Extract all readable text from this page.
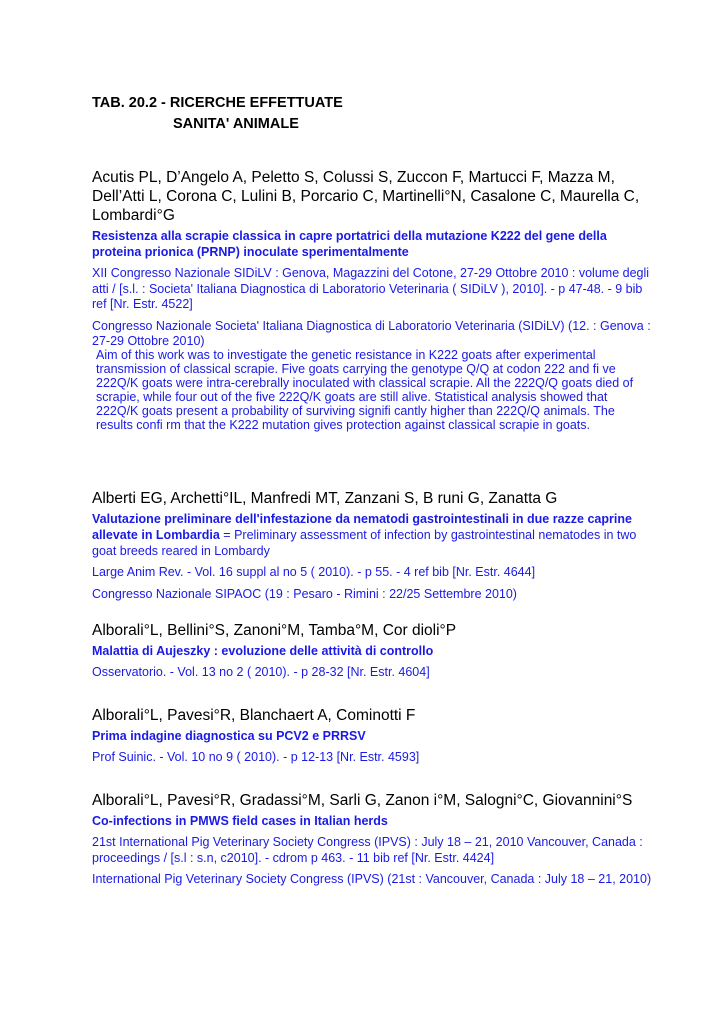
TAB. 20.2 - RICERCHE EFFETTUATE
SANITA' ANIMALE
Acutis PL, D’Angelo A, Peletto S, Colussi S, Zuccon F, Martucci F, Mazza M, Dell’Atti L, Corona C, Lulini B, Porcario C, Martinelli°N, Casalone C, Maurella C, Lombardi°G
Resistenza alla scrapie classica in capre portatrici della mutazione K222 del gene della proteina prionica (PRNP) inoculate sperimentalmente
XII Congresso Nazionale SIDiLV : Genova, Magazzini del Cotone, 27-29 Ottobre 2010 : volume degli atti / [s.l. : Societa' Italiana Diagnostica di Laboratorio Veterinaria ( SIDiLV ), 2010]. - p 47-48. - 9 bib ref [Nr. Estr. 4522]
Congresso Nazionale Societa' Italiana Diagnostica di Laboratorio Veterinaria (SIDiLV) (12. : Genova : 27-29 Ottobre 2010)
Aim of this work was to investigate the genetic resistance in K222 goats after experimental transmission of classical scrapie. Five goats carrying the genotype Q/Q at codon 222 and fi ve 222Q/K goats were intra-cerebrally inoculated with classical scrapie. All the 222Q/Q goats died of scrapie, while four out of the five 222Q/K goats are still alive. Statistical analysis showed that 222Q/K goats present a probability of surviving signifi cantly higher than 222Q/Q animals. The results confi rm that the K222 mutation gives protection against classical scrapie in goats.
Alberti EG, Archetti°IL, Manfredi MT, Zanzani S, B runi G, Zanatta G
Valutazione preliminare dell'infestazione da nematodi gastrointestinali in due razze caprine allevate in Lombardia = Preliminary assessment of infection by gastrointestinal nematodes in two goat breeds reared in Lombardy
Large Anim Rev. - Vol. 16 suppl al no 5 ( 2010). - p 55. - 4 ref bib [Nr. Estr. 4644]
Congresso Nazionale SIPAOC (19 : Pesaro - Rimini : 22/25 Settembre 2010)
Alborali°L, Bellini°S, Zanoni°M, Tamba°M, Cor dioli°P
Malattia di Aujeszky : evoluzione delle attività di controllo
Osservatorio. - Vol. 13 no 2 ( 2010). - p 28-32 [Nr. Estr. 4604]
Alborali°L, Pavesi°R, Blanchaert A, Cominotti F
Prima indagine diagnostica su PCV2 e PRRSV
Prof Suinic. - Vol. 10 no 9 ( 2010). - p 12-13 [Nr. Estr. 4593]
Alborali°L, Pavesi°R, Gradassi°M, Sarli G, Zanon i°M, Salogni°C, Giovannini°S
Co-infections in PMWS field cases in Italian herds
21st International Pig Veterinary Society Congress (IPVS) : July 18 – 21, 2010 Vancouver, Canada : proceedings / [s.l : s.n, c2010]. - cdrom p 463. - 11 bib ref [Nr. Estr. 4424]
International Pig Veterinary Society Congress (IPVS) (21st : Vancouver, Canada : July 18 – 21, 2010)
